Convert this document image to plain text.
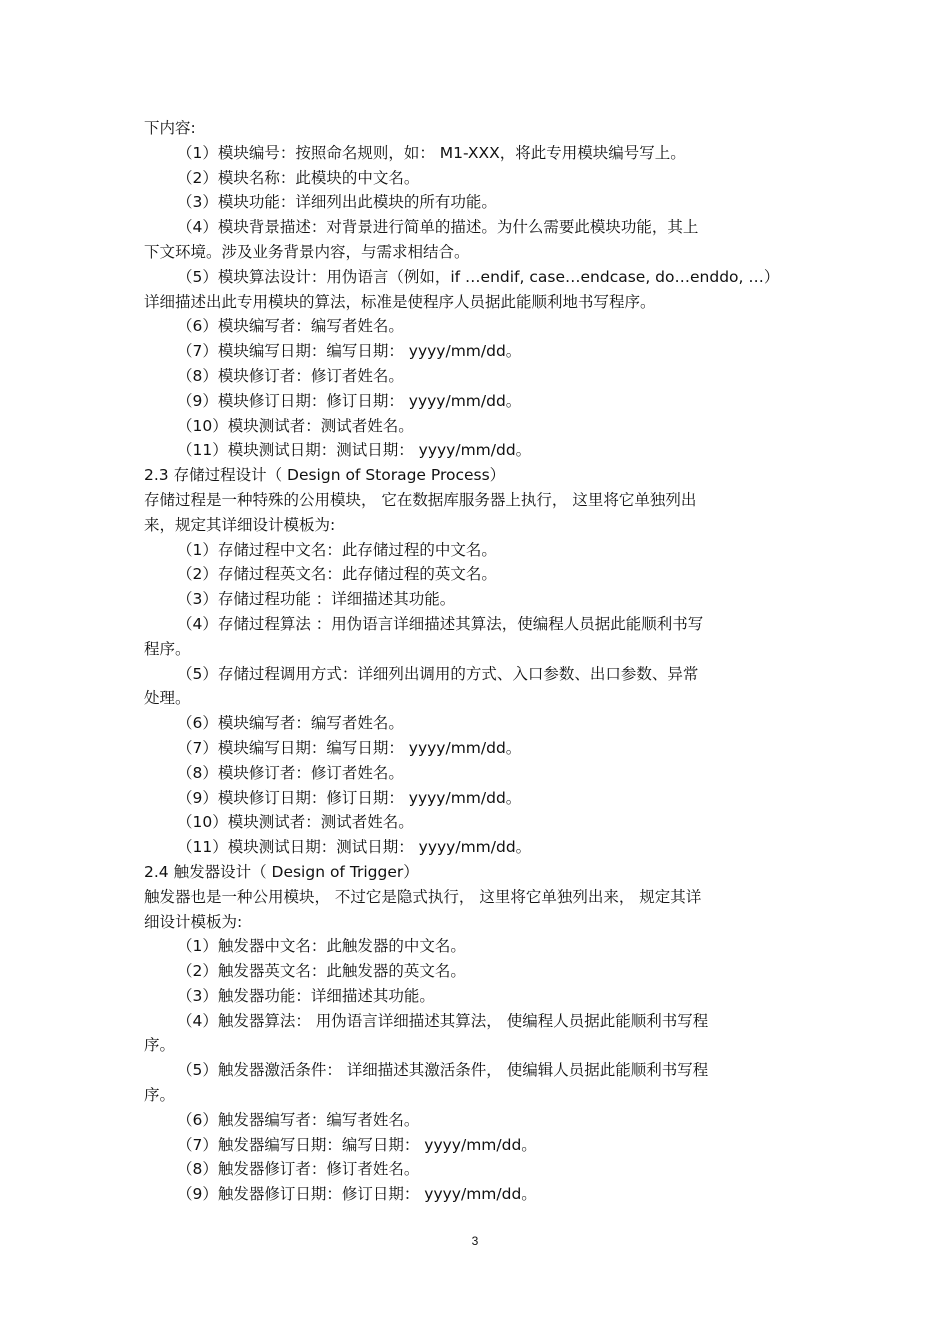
下内容:
（1）模块编号：按照命名规则，如： M1-XXX，将此专用模块编号写上。
（2）模块名称：此模块的中文名。
（3）模块功能：详细列出此模块的所有功能。
（4）模块背景描述：对背景进行简单的描述。为什么需要此模块功能，其上
下文环境。涉及业务背景内容，与需求相结合。
（5）模块算法设计：用伪语言（例如，if …endif, case…endcase, do…enddo, …）
详细描述出此专用模块的算法，标准是使程序人员据此能顺利地书写程序。
（6）模块编写者：编写者姓名。
（7）模块编写日期：编写日期： yyyy/mm/dd。
（8）模块修订者：修订者姓名。
（9）模块修订日期：修订日期： yyyy/mm/dd。
（10）模块测试者：测试者姓名。
（11）模块测试日期：测试日期： yyyy/mm/dd。
2.3 存储过程设计（ Design of Storage Process）
存储过程是一种特殊的公用模块， 它在数据库服务器上执行， 这里将它单独列出
来，规定其详细设计模板为:
（1）存储过程中文名：此存储过程的中文名。
（2）存储过程英文名：此存储过程的英文名。
（3）存储过程功能 ：详细描述其功能。
（4）存储过程算法 ：用伪语言详细描述其算法，使编程人员据此能顺利书写
程序。
（5）存储过程调用方式：详细列出调用的方式、入口参数、出口参数、异常
处理。
（6）模块编写者：编写者姓名。
（7）模块编写日期：编写日期： yyyy/mm/dd。
（8）模块修订者：修订者姓名。
（9）模块修订日期：修订日期： yyyy/mm/dd。
（10）模块测试者：测试者姓名。
（11）模块测试日期：测试日期： yyyy/mm/dd。
2.4 触发器设计（ Design of Trigger）
触发器也是一种公用模块， 不过它是隐式执行， 这里将它单独列出来， 规定其详
细设计模板为:
（1）触发器中文名：此触发器的中文名。
（2）触发器英文名：此触发器的英文名。
（3）触发器功能：详细描述其功能。
（4）触发器算法： 用伪语言详细描述其算法， 使编程人员据此能顺利书写程
序。
（5）触发器激活条件： 详细描述其激活条件， 使编辑人员据此能顺利书写程
序。
（6）触发器编写者：编写者姓名。
（7）触发器编写日期：编写日期： yyyy/mm/dd。
（8）触发器修订者：修订者姓名。
（9）触发器修订日期：修订日期： yyyy/mm/dd。
3
